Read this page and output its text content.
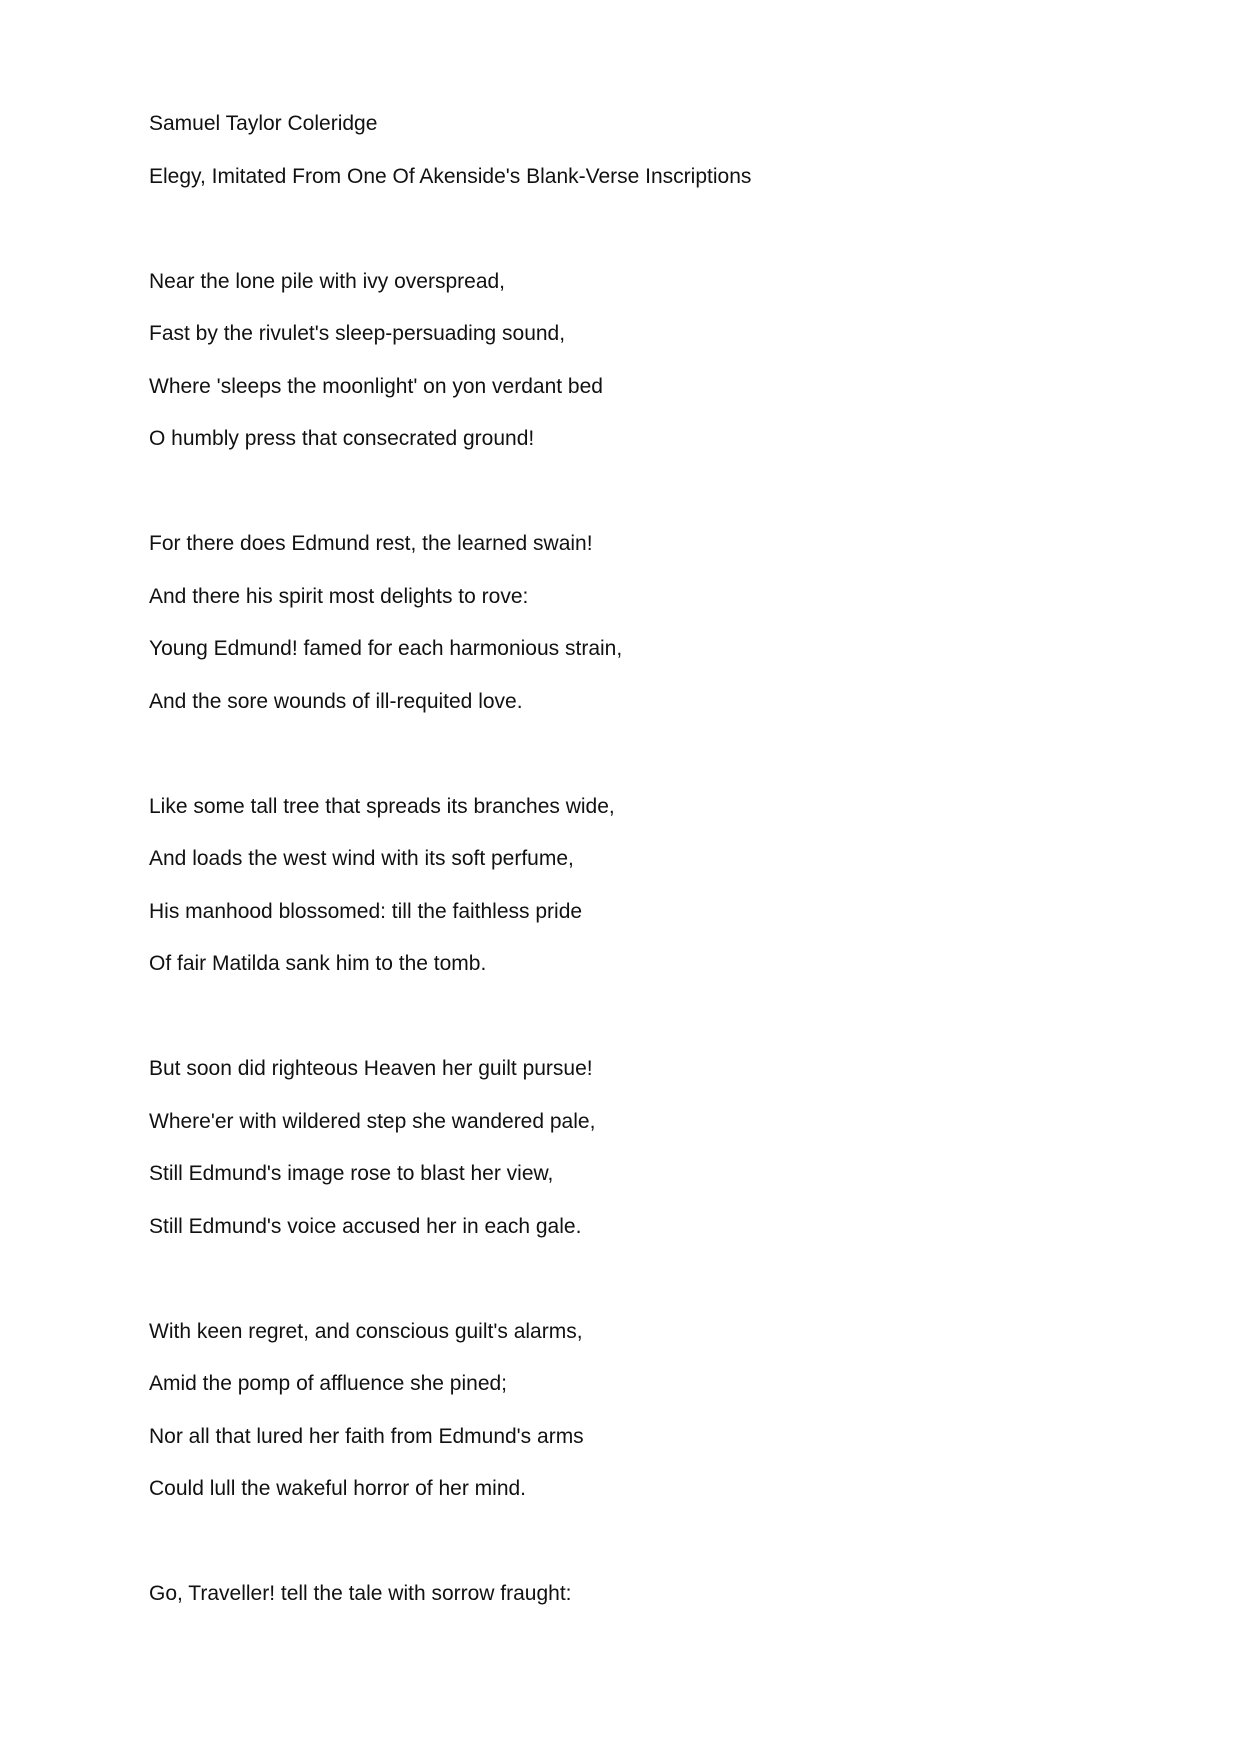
Samuel Taylor Coleridge

Elegy, Imitated From One Of Akenside's Blank-Verse Inscriptions

Near the lone pile with ivy overspread,

Fast by the rivulet's sleep-persuading sound,

Where 'sleeps the moonlight' on yon verdant bed

O humbly press that consecrated ground!

For there does Edmund rest, the learned swain!

And there his spirit most delights to rove:

Young Edmund! famed for each harmonious strain,

And the sore wounds of ill-requited love.

Like some tall tree that spreads its branches wide,

And loads the west wind with its soft perfume,

His manhood blossomed: till the faithless pride

Of fair Matilda sank him to the tomb.

But soon did righteous Heaven her guilt pursue!

Where'er with wildered step she wandered pale,

Still Edmund's image rose to blast her view,

Still Edmund's voice accused her in each gale.

With keen regret, and conscious guilt's alarms,

Amid the pomp of affluence she pined;

Nor all that lured her faith from Edmund's arms

Could lull the wakeful horror of her mind.

Go, Traveller! tell the tale with sorrow fraught:
